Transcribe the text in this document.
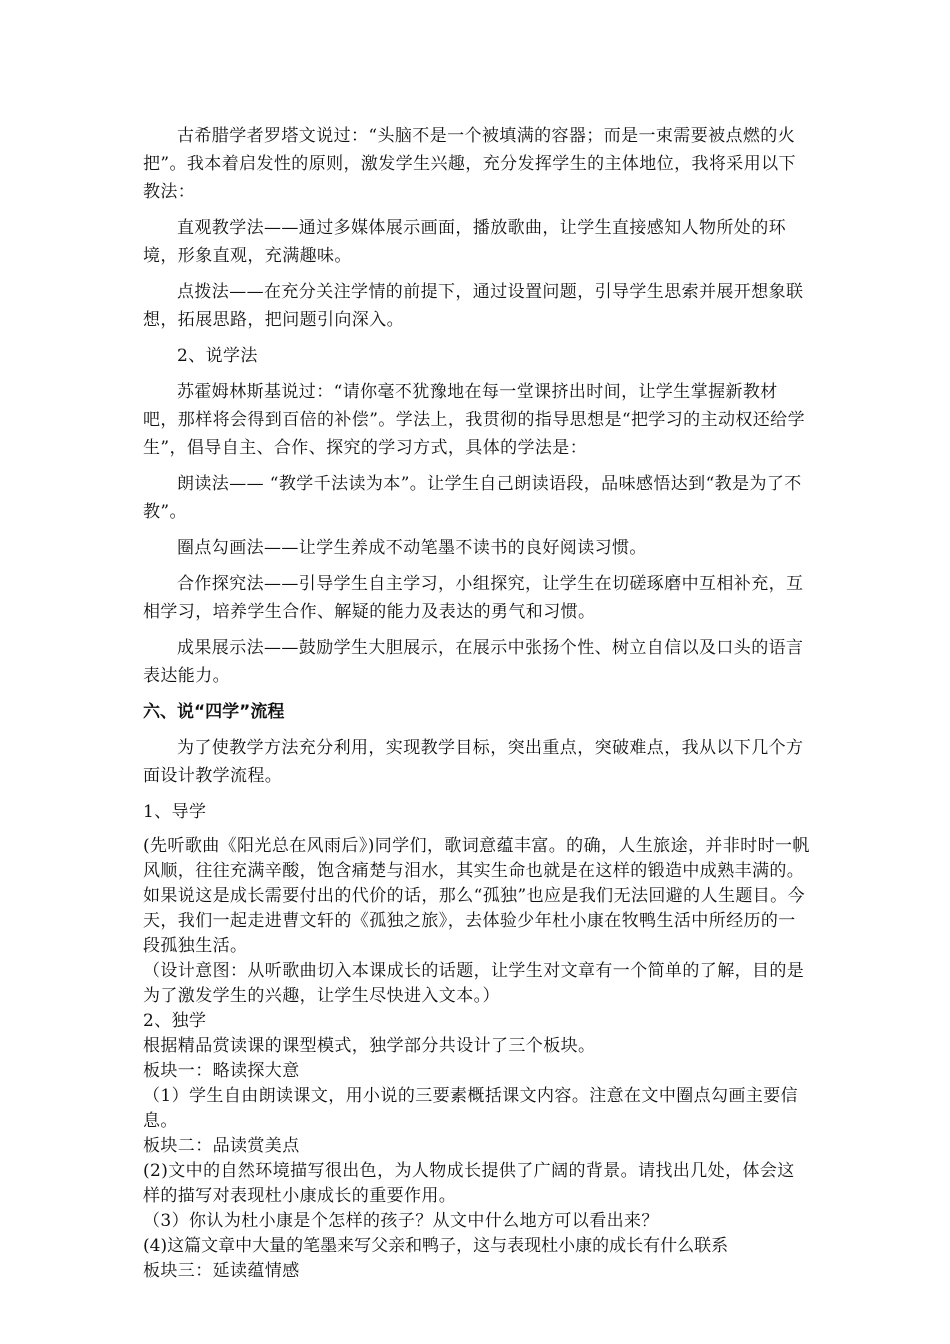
古希腊学者罗塔文说过：“头脑不是一个被填满的容器；而是一束需要被点燃的火把”。我本着启发性的原则，激发学生兴趣，充分发挥学生的主体地位，我将采用以下教法：

直观教学法——通过多媒体展示画面，播放歌曲，让学生直接感知人物所处的环境，形象直观，充满趣味。

点拨法——在充分关注学情的前提下，通过设置问题，引导学生思索并展开想象联想，拓展思路，把问题引向深入。

2、说学法

苏霍姆林斯基说过：“请你毫不犹豫地在每一堂课挤出时间，让学生掌握新教材吧，那样将会得到百倍的补偿”。学法上，我贯彻的指导思想是“把学习的主动权还给学生”，倡导自主、合作、探究的学习方式，具体的学法是：

朗读法—— “教学千法读为本”。让学生自己朗读语段，品味感悟达到“教是为了不教”。

圈点勾画法——让学生养成不动笔墨不读书的良好阅读习惯。

合作探究法——引导学生自主学习，小组探究，让学生在切磋琢磨中互相补充，互相学习，培养学生合作、解疑的能力及表达的勇气和习惯。

成果展示法——鼓励学生大胆展示，在展示中张扬个性、树立自信以及口头的语言表达能力。

六、说“四学”流程

为了使教学方法充分利用，实现教学目标，突出重点，突破难点，我从以下几个方面设计教学流程。

1、导学

(先听歌曲《阳光总在风雨后》)同学们，歌词意蕴丰富。的确，人生旅途，并非时时一帆风顺，往往充满辛酸，饱含痛楚与泪水，其实生命也就是在这样的锻造中成熟丰满的。如果说这是成长需要付出的代价的话，那么“孤独”也应是我们无法回避的人生题目。今天，我们一起走进曹文轩的《孤独之旅》，去体验少年杜小康在牧鸭生活中所经历的一段孤独生活。

（设计意图：从听歌曲切入本课成长的话题，让学生对文章有一个简单的了解，目的是为了激发学生的兴趣，让学生尽快进入文本。）

2、独学

根据精品赏读课的课型模式，独学部分共设计了三个板块。

板块一：略读探大意

（1）学生自由朗读课文，用小说的三要素概括课文内容。注意在文中圈点勾画主要信息。

板块二：品读赏美点

(2)文中的自然环境描写很出色，为人物成长提供了广阔的背景。请找出几处，体会这样的描写对表现杜小康成长的重要作用。

（3）你认为杜小康是个怎样的孩子？从文中什么地方可以看出来？

(4)这篇文章中大量的笔墨来写父亲和鸭子，这与表现杜小康的成长有什么联系

板块三：延读蕴情感
